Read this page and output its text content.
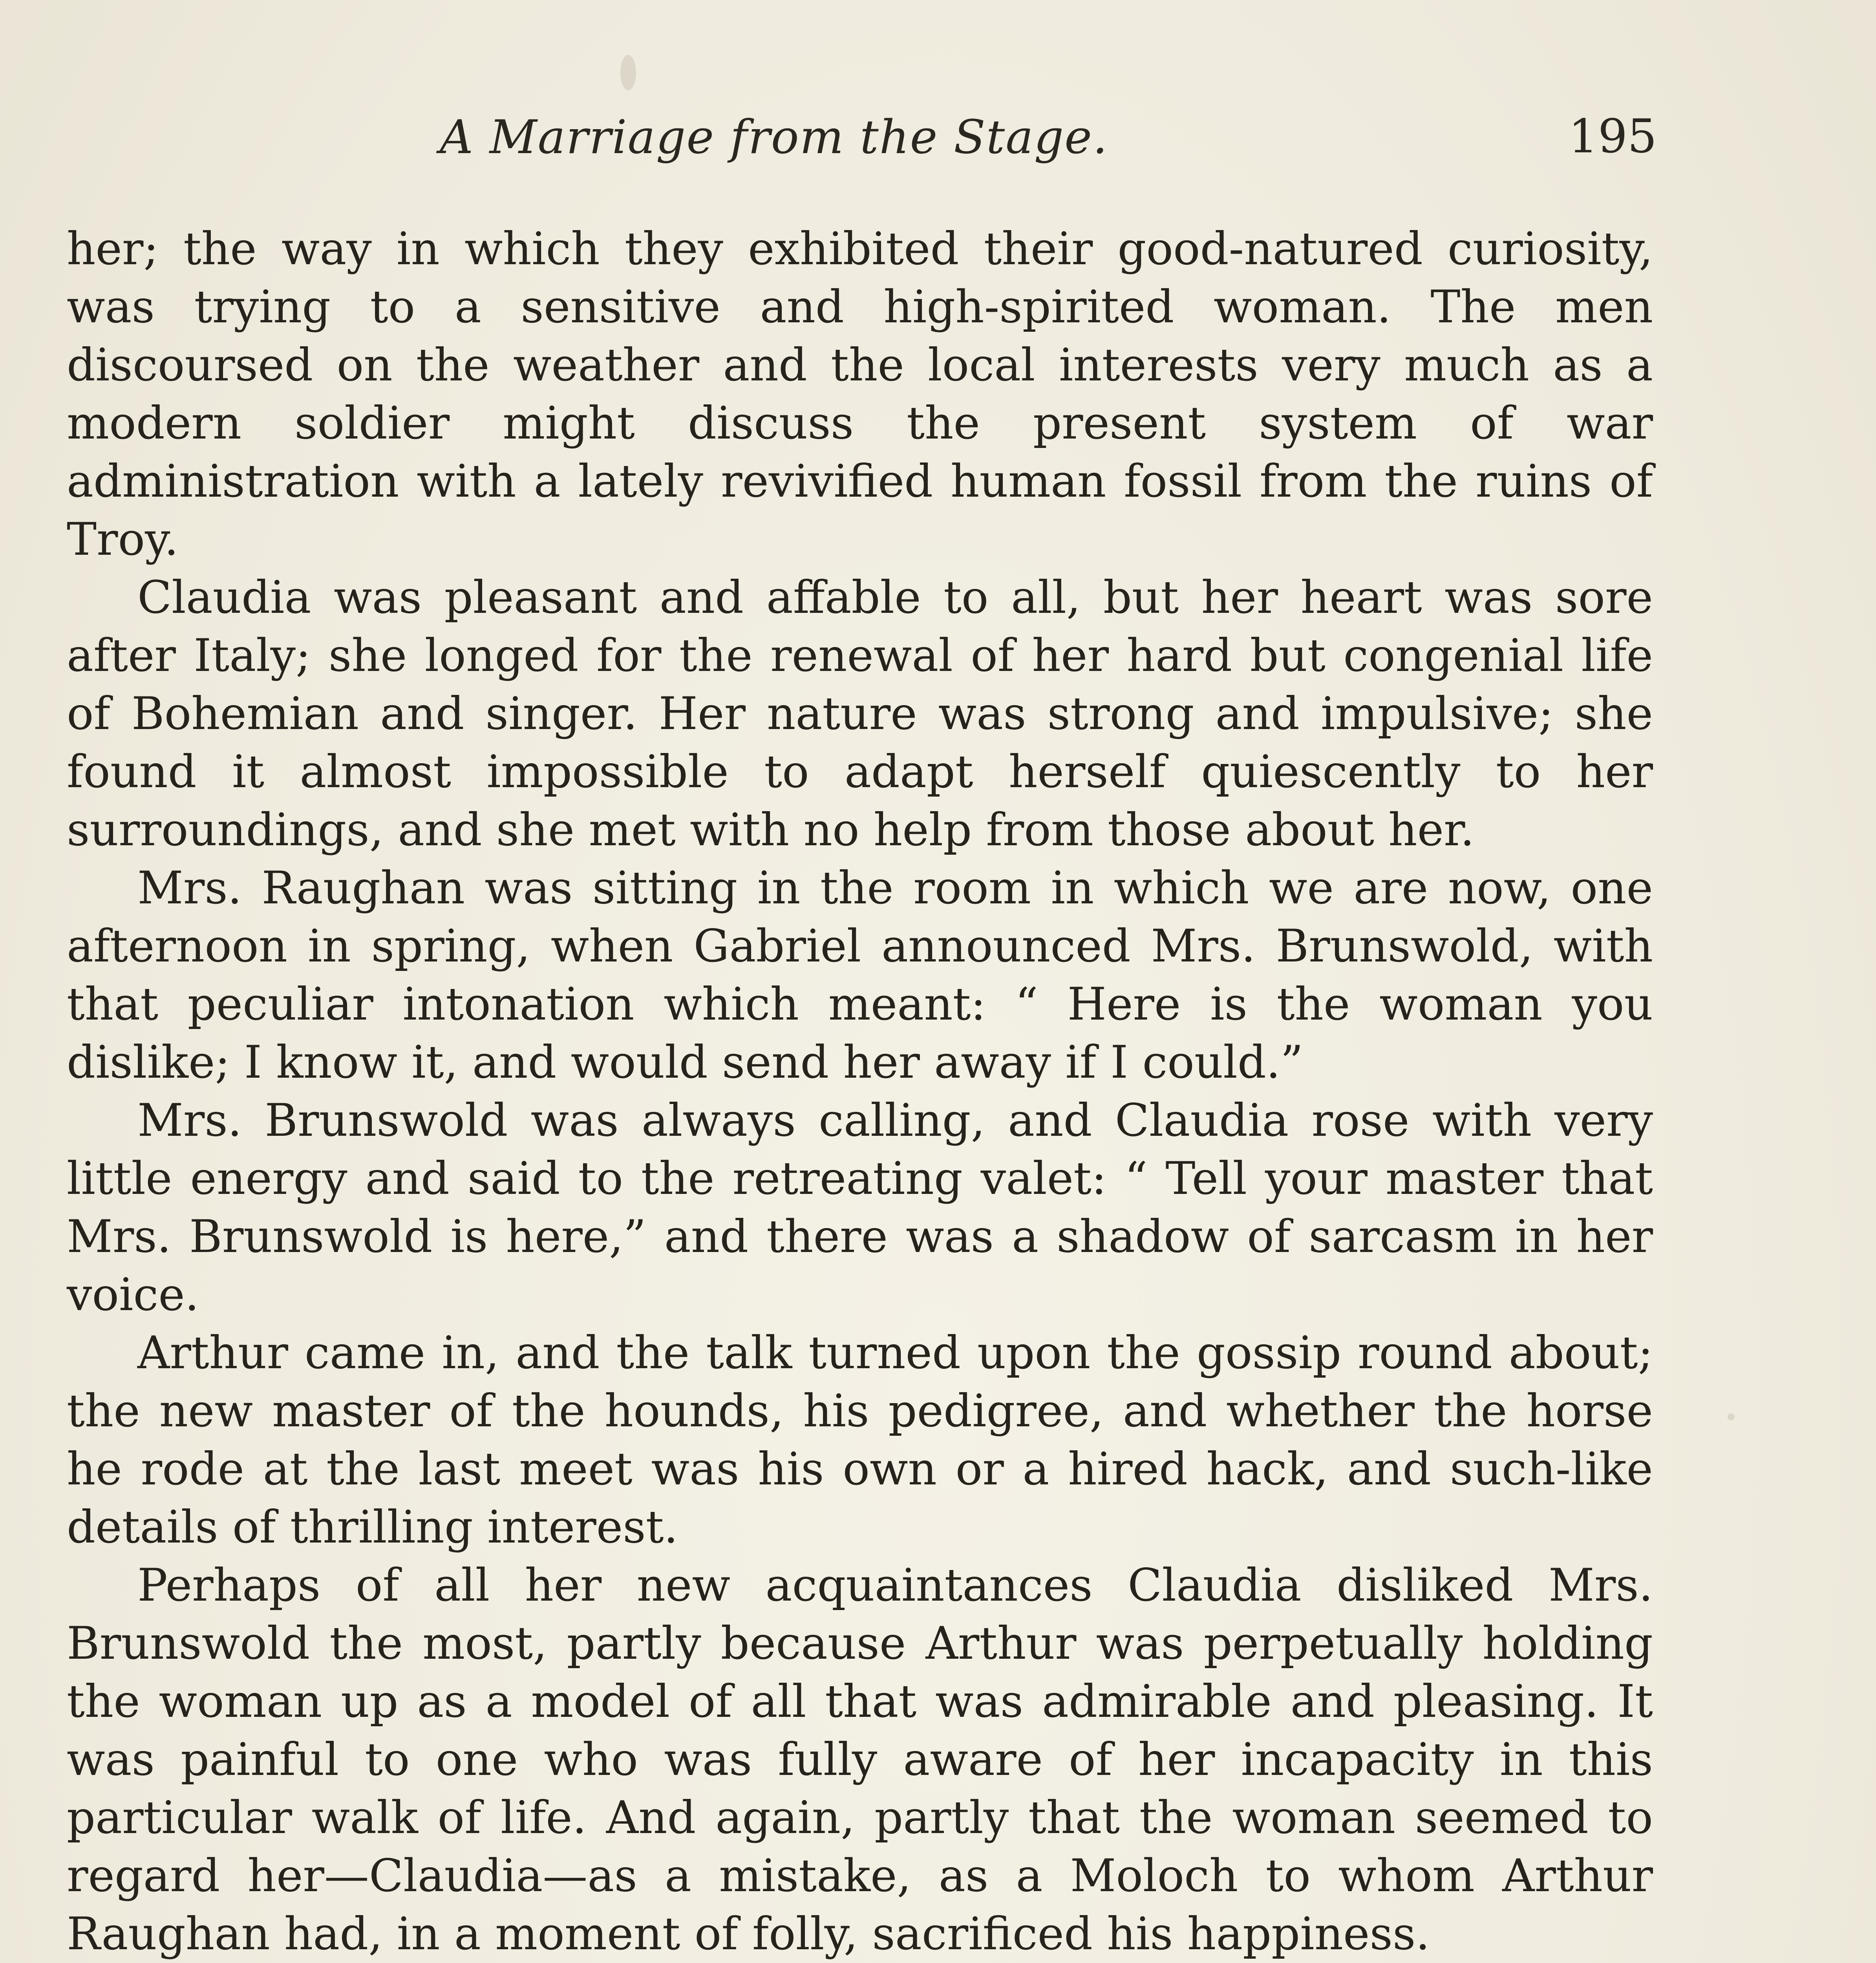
A Marriage from the Stage.	195

her; the way in which they exhibited their good-natured curiosity, was trying to a sensitive and high-spirited woman. The men discoursed on the weather and the local interests very much as a modern soldier might discuss the present system of war administration with a lately revivified human fossil from the ruins of Troy.

Claudia was pleasant and affable to all, but her heart was sore after Italy; she longed for the renewal of her hard but congenial life of Bohemian and singer. Her nature was strong and impulsive; she found it almost impossible to adapt herself quiescently to her surroundings, and she met with no help from those about her.

Mrs. Raughan was sitting in the room in which we are now, one afternoon in spring, when Gabriel announced Mrs. Brunswold, with that peculiar intonation which meant: “ Here is the woman you dislike; I know it, and would send her away if I could.”

Mrs. Brunswold was always calling, and Claudia rose with very little energy and said to the retreating valet: “ Tell your master that Mrs. Brunswold is here,” and there was a shadow of sarcasm in her voice.

Arthur came in, and the talk turned upon the gossip round about; the new master of the hounds, his pedigree, and whether the horse he rode at the last meet was his own or a hired hack, and such-like details of thrilling interest.

Perhaps of all her new acquaintances Claudia disliked Mrs. Brunswold the most, partly because Arthur was perpetually holding the woman up as a model of all that was admirable and pleasing. It was painful to one who was fully aware of her incapacity in this particular walk of life. And again, partly that the woman seemed to regard her—Claudia—as a mistake, as a Moloch to whom Arthur Raughan had, in a moment of folly, sacrificed his happiness.
